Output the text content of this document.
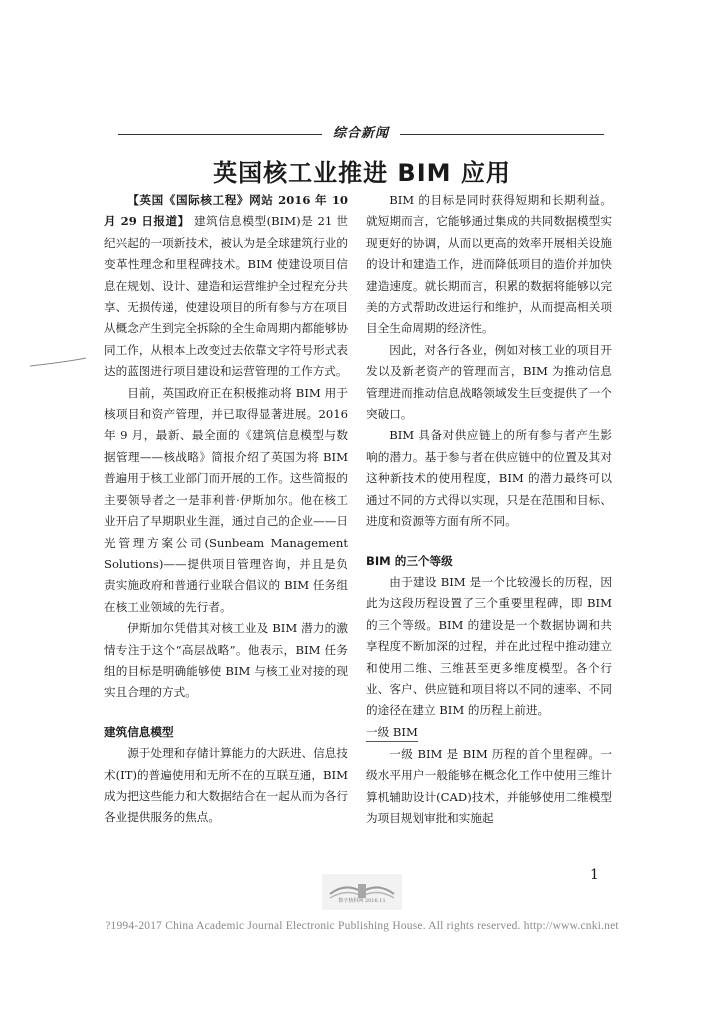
综合新闻
英国核工业推进 BIM 应用

【英国《国际核工程》网站 2016 年 10 月 29 日报道】 建筑信息模型(BIM)是 21 世纪兴起的一项新技术，被认为是全球建筑行业的变革性理念和里程碑技术。BIM 使建设项目信息在规划、设计、建造和运营维护全过程充分共享、无损传递，使建设项目的所有参与方在项目从概念产生到完全拆除的全生命周期内都能够协同工作，从根本上改变过去依靠文字符号形式表达的蓝图进行项目建设和运营管理的工作方式。

目前，英国政府正在积极推动将 BIM 用于核项目和资产管理，并已取得显著进展。2016 年 9 月，最新、最全面的《建筑信息模型与数据管理——核战略》简报介绍了英国为将 BIM 普遍用于核工业部门而开展的工作。这些简报的主要领导者之一是菲利普·伊斯加尔。他在核工业开启了早期职业生涯，通过自己的企业——日光管理方案公司(Sunbeam Management Solutions)——提供项目管理咨询，并且是负责实施政府和普通行业联合倡议的 BIM 任务组在核工业领域的先行者。

伊斯加尔凭借其对核工业及 BIM 潜力的激情专注于这个“高层战略”。他表示，BIM 任务组的目标是明确能够使 BIM 与核工业对接的现实且合理的方式。

建筑信息模型

源于处理和存储计算能力的大跃进、信息技术(IT)的普遍使用和无所不在的互联互通，BIM 成为把这些能力和大数据结合在一起从而为各行各业提供服务的焦点。

BIM 的目标是同时获得短期和长期利益。就短期而言，它能够通过集成的共同数据模型实现更好的协调，从而以更高的效率开展相关设施的设计和建造工作，进而降低项目的造价并加快建造速度。就长期而言，积累的数据将能够以完美的方式帮助改进运行和维护，从而提高相关项目全生命周期的经济性。

因此，对各行各业，例如对核工业的项目开发以及新老资产的管理而言，BIM 为推动信息管理进而推动信息战略领域发生巨变提供了一个突破口。

BIM 具备对供应链上的所有参与者产生影响的潜力。基于参与者在供应链中的位置及其对这种新技术的使用程度，BIM 的潜力最终可以通过不同的方式得以实现，只是在范围和目标、进度和资源等方面有所不同。

BIM 的三个等级

由于建设 BIM 是一个比较漫长的历程，因此为这段历程设置了三个重要里程碑，即 BIM 的三个等级。BIM 的建设是一个数据协调和共享程度不断加深的过程，并在此过程中推动建立和使用二维、三维甚至更多维度模型。各个行业、客户、供应链和项目将以不同的速率、不同的途径在建立 BIM 的历程上前进。

一级 BIM

一级 BIM 是 BIM 历程的首个里程碑。一级水平用户一般能够在概念化工作中使用三维计算机辅助设计(CAD)技术，并能够使用二维模型为项目规划审批和实施起

1
数字核科网 2016.11
?1994-2017 China Academic Journal Electronic Publishing House. All rights reserved. http://www.cnki.net
